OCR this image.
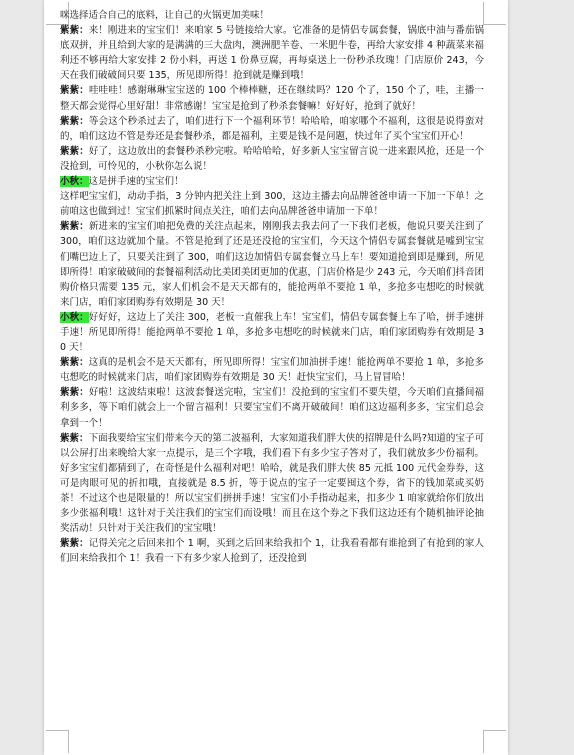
咪选择适合自己的底料，让自己的火锅更加美味！

紫紫：来！刚进来的宝宝们！来咱家 5 号链接给大家。它准备的是情侣专属套餐，锅底中油与番茄锅底双拼，并且给到大家的是满满的三大盘肉，澳洲肥羊卷、一米肥牛卷，再给大家安排 4 种蔬菜来福利还不够再给大家安排 2 份小料，再送 1 份鼻豆腐，再每桌送上一份秒杀玫瑰！门店原价 243，今天在我们破破间只要 135，所见即所得！抢到就是赚到哦！

紫紫：哇哇哇！感谢琳琳宝宝送的 100 个棒棒糖，还在继续吗？120 个了，150 个了，哇，主播一整天都会觉得心里好甜！非常感谢！宝宝是抢到了秒杀套餐嘛！好好好，抢到了就好！

紫紫：等会这个秒杀过去了，咱们进行下一个福利环节！哈哈哈，咱家哪个不福利，这很是说得蛮对的，咱们这边不管是券还是套餐秒杀，都是福利，主要是钱不是问题，快过年了买个宝宝们开心！

紫紫：好了，这边放出的套餐秒杀秒完啦。哈哈哈哈，好多新人宝宝留言说一进来跟风抢，还是一个没抢到，可怜见的，小秋你怎么说！

小秋：这是拼手速的宝宝们！

这样吧宝宝们，动动手指，3 分钟内把关注上到 300，这边主播去向品牌爸爸申请一下加一下单！之前咱这也做到过！宝宝们抓紧时间点关注，咱们去向品牌爸爸申请加一下单！

紫紫：新进来的宝宝们咱把免费的关注点起来，刚刚我去我去问了一下我们老板，他说只要关注到了 300，咱们这边就加个量。不管是抢到了还是还没抢的宝宝们，今天这个情侣专属套餐就是嘘到宝宝们嘴巴边上了，只要关注到了 300，咱们这边加情侣专属套餐立马上车！要知道抢到即是赚到，所见即所得！咱家破破间的套餐福利活动比美团美团更加的优惠，门店价格是少 243 元，今天咱们抖音团购价格只需要 135 元，家人们机会不是天天都有的，能抢两单不要抢 1 单，多抢多屯想吃的时候就来门店，咱们家团购券有效期是 30 天！

小秋：好好好，这边上了关注 300，老板一直催我上车！宝宝们，情侣专属套餐上车了哈，拼手速拼手速！所见即所得！能抢两单不要抢 1 单，多抢多屯想吃的时候就来门店，咱们家团购券有效期是 30 天！

紫紫：这真的是机会不是天天都有，所见即所得！宝宝们加油拼手速！能抢两单不要抢 1 单，多抢多屯想吃的时候就来门店，咱们家团购券有效期是 30 天！赶快宝宝们，马上冒冒哈！

紫紫：好啦！这波结束啦！这波套餐送完啦，宝宝们！没抢到的宝宝们不要失望，今天咱们直播间福利多多，等下咱们就会上一个留言福利！只要宝宝们不离开破破间！咱们这边福利多多，宝宝们总会拿到一个！

紫紫：下面我要给宝宝们带来今天的第二波福利，大家知道我们胖大侠的招牌是什么吗?知道的宝子可以公屏打出来晚给大家一点提示，是三个字哦，我们看下有多少宝子答对了，我们就放多少份福利。好多宝宝们都猜到了，在奇怪是什么福利对吧！哈哈，就是我们胖大侠 85 元抵 100 元代金券券，这可是肉眼可见的折扣哦，直接就是 8.5 折，等于说点的宝子一定要囤这个券，省下的钱加菜或买奶茶！不过这个也是限量的！所以宝宝们拼拼手速！宝宝们小手指动起来，扣多少 1 咱家就给你们放出多少张福利哦！这针对于关注我们的宝宝们而设哦！而且在这个券之下我们这边还有个随机抽评论抽奖活动！只针对于关注我们的宝宝哦！

紫紫：记得关完之后回来扣个 1 啊，买到之后回来给我扣个 1，让我看看都有谁抢到了有抢到的家人们回来给我扣个 1！我看一下有多少家人抢到了，还没抢到
